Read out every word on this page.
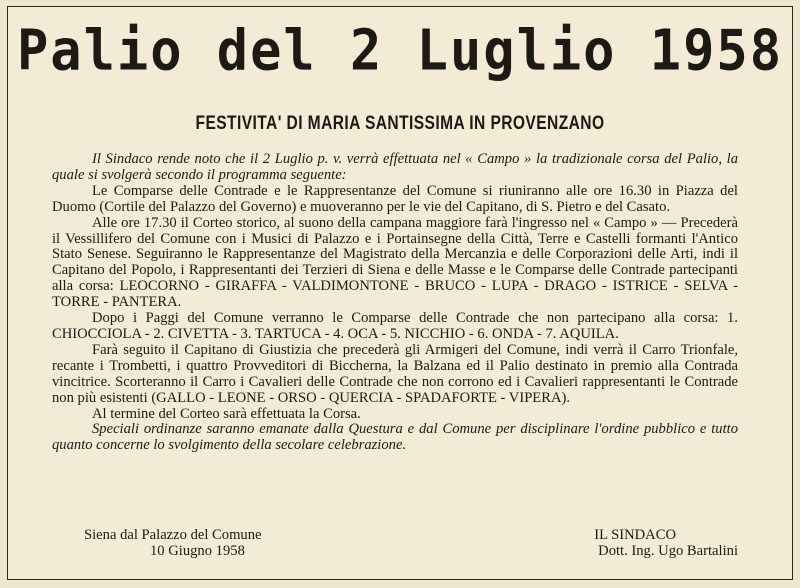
Palio del 2 Luglio 1958
FESTIVITA' DI MARIA SANTISSIMA IN PROVENZANO

Il Sindaco rende noto che il 2 Luglio p. v. verrà effettuata nel « Campo » la tradizionale corsa del Palio, la quale si svolgerà secondo il programma seguente:

Le Comparse delle Contrade e le Rappresentanze del Comune si riuniranno alle ore 16.30 in Piazza del Duomo (Cortile del Palazzo del Governo) e muoveranno per le vie del Capitano, di S. Pietro e del Casato.

Alle ore 17.30 il Corteo storico, al suono della campana maggiore farà l'ingresso nel « Campo » — Precederà il Vessillifero del Comune con i Musici di Palazzo e i Portainsegne della Città, Terre e Castelli formanti l'Antico Stato Senese. Seguiranno le Rappresentanze del Magistrato della Mercanzia e delle Corporazioni delle Arti, indi il Capitano del Popolo, i Rappresentanti dei Terzieri di Siena e delle Masse e le Comparse delle Contrade partecipanti alla corsa: LEOCORNO - GIRAFFA - VALDIMONTONE - BRUCO - LUPA - DRAGO - ISTRICE - SELVA - TORRE - PANTERA.

Dopo i Paggi del Comune verranno le Comparse delle Contrade che non partecipano alla corsa: 1. CHIOCCIOLA - 2. CIVETTA - 3. TARTUCA - 4. OCA - 5. NICCHIO - 6. ONDA - 7. AQUILA.

Farà seguito il Capitano di Giustizia che precederà gli Armigeri del Comune, indi verrà il Carro Trionfale, recante i Trombetti, i quattro Provveditori di Biccherna, la Balzana ed il Palio destinato in premio alla Contrada vincitrice. Scorteranno il Carro i Cavalieri delle Contrade che non corrono ed i Cavalieri rappresentanti le Contrade non più esistenti (GALLO - LEONE - ORSO - QUERCIA - SPADAFORTE - VIPERA).

Al termine del Corteo sarà effettuata la Corsa.

Speciali ordinanze saranno emanate dalla Questura e dal Comune per disciplinare l'ordine pubblico e tutto quanto concerne lo svolgimento della secolare celebrazione.

Siena dal Palazzo del Comune	IL SINDACO
10 Giugno 1958	Dott. Ing. Ugo Bartalini
